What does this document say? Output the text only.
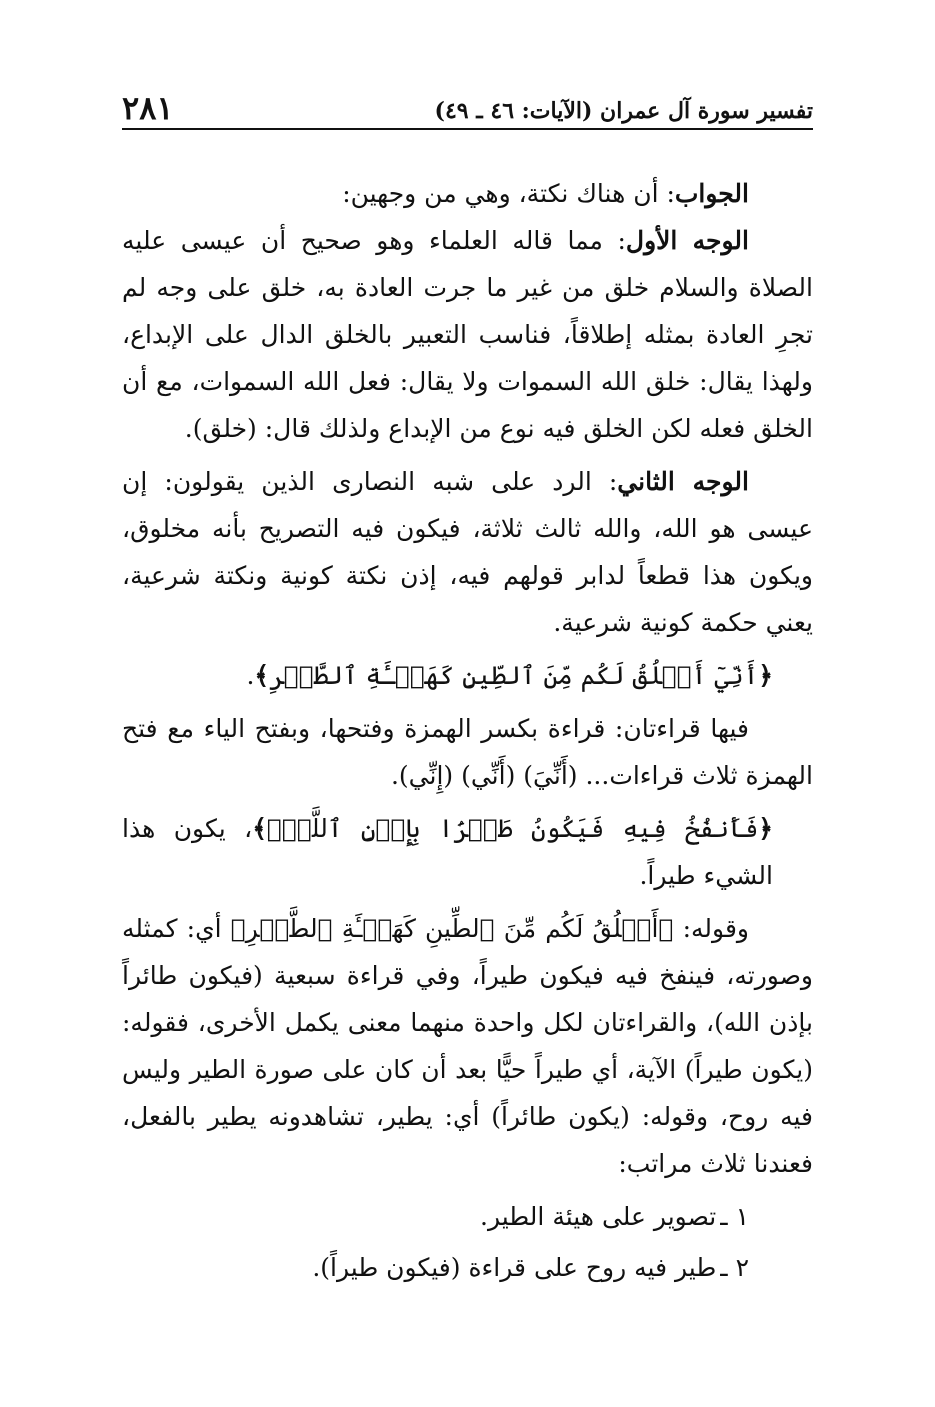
تفسير سورة آل عمران (الآيات: ٤٦ ـ ٤٩)
٢٨١

الجواب: أن هناك نكتة، وهي من وجهين:

الوجه الأول: مما قاله العلماء وهو صحيح أن عيسى عليه الصلاة والسلام خلق من غير ما جرت العادة به، خلق على وجه لم تجرِ العادة بمثله إطلاقاً، فناسب التعبير بالخلق الدال على الإبداع، ولهذا يقال: خلق الله السموات ولا يقال: فعل الله السموات، مع أن الخلق فعله لكن الخلق فيه نوع من الإبداع ولذلك قال: (خلق).

الوجه الثاني: الرد على شبه النصارى الذين يقولون: إن عيسى هو الله، والله ثالث ثلاثة، فيكون فيه التصريح بأنه مخلوق، ويكون هذا قطعاً لدابر قولهم فيه، إذن نكتة كونية ونكتة شرعية، يعني حكمة كونية شرعية.

﴿أَنِّيٓ أَخۡلُقُ لَكُم مِّنَ ٱلطِّينِ كَهَيۡـَٔةِ ٱلطَّيۡرِ﴾.

فيها قراءتان: قراءة بكسر الهمزة وفتحها، وبفتح الياء مع فتح الهمزة ثلاث قراءات... (أَنِّيَ) (أَنِّي) (إِنِّي).

﴿فَأَنفُخُ فِيهِ فَيَكُونُ طَيۡرَۢا بِإِذۡنِ ٱللَّهِۖ﴾، يكون هذا الشيء طيراً.

وقوله: ﴿أَخۡلُقُ لَكُم مِّنَ ٱلطِّينِ كَهَيۡـَٔةِ ٱلطَّيۡرِ﴾ أي: كمثله وصورته، فينفخ فيه فيكون طيراً، وفي قراءة سبعية (فيكون طائراً بإذن الله)، والقراءتان لكل واحدة منهما معنى يكمل الأخرى، فقوله: (يكون طيراً) الآية، أي طيراً حيًّا بعد أن كان على صورة الطير وليس فيه روح، وقوله: (يكون طائراً) أي: يطير، تشاهدونه يطير بالفعل، فعندنا ثلاث مراتب:

١ـتصوير على هيئة الطير.

٢ـطير فيه روح على قراءة (فيكون طيراً).
